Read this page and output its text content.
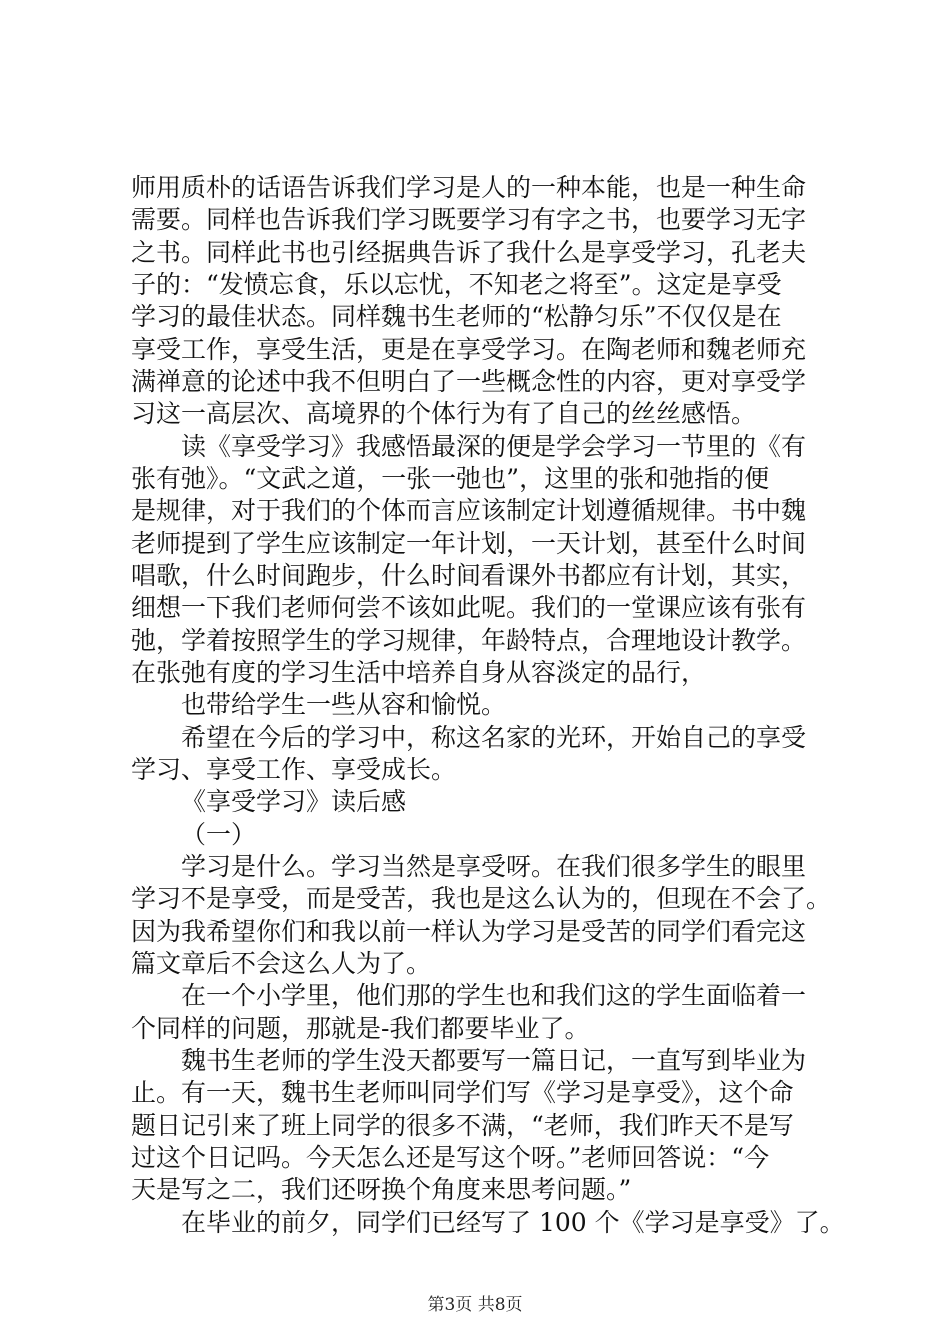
师用质朴的话语告诉我们学习是人的一种本能，也是一种生命
需要。同样也告诉我们学习既要学习有字之书，也要学习无字
之书。同样此书也引经据典告诉了我什么是享受学习，孔老夫
子的：“发愤忘食，乐以忘忧，不知老之将至”。这定是享受
学习的最佳状态。同样魏书生老师的“松静匀乐”不仅仅是在
享受工作，享受生活，更是在享受学习。在陶老师和魏老师充
满禅意的论述中我不但明白了一些概念性的内容，更对享受学
习这一高层次、高境界的个体行为有了自己的丝丝感悟。
读《享受学习》我感悟最深的便是学会学习一节里的《有
张有弛》。“文武之道，一张一弛也”，这里的张和弛指的便
是规律，对于我们的个体而言应该制定计划遵循规律。书中魏
老师提到了学生应该制定一年计划，一天计划，甚至什么时间
唱歌，什么时间跑步，什么时间看课外书都应有计划，其实，
细想一下我们老师何尝不该如此呢。我们的一堂课应该有张有
弛，学着按照学生的学习规律，年龄特点，合理地设计教学。
在张弛有度的学习生活中培养自身从容淡定的品行，
也带给学生一些从容和愉悦。
希望在今后的学习中，称这名家的光环，开始自己的享受
学习、享受工作、享受成长。
《享受学习》读后感
（一）
学习是什么。学习当然是享受呀。在我们很多学生的眼里
学习不是享受，而是受苦，我也是这么认为的，但现在不会了。
因为我希望你们和我以前一样认为学习是受苦的同学们看完这
篇文章后不会这么人为了。
在一个小学里，他们那的学生也和我们这的学生面临着一
个同样的问题，那就是-我们都要毕业了。
魏书生老师的学生没天都要写一篇日记，一直写到毕业为
止。有一天，魏书生老师叫同学们写《学习是享受》，这个命
题日记引来了班上同学的很多不满，“老师，我们昨天不是写
过这个日记吗。今天怎么还是写这个呀。”老师回答说：“今
天是写之二，我们还呀换个角度来思考问题。”
在毕业的前夕，同学们已经写了 100 个《学习是享受》了。
第3页 共8页
